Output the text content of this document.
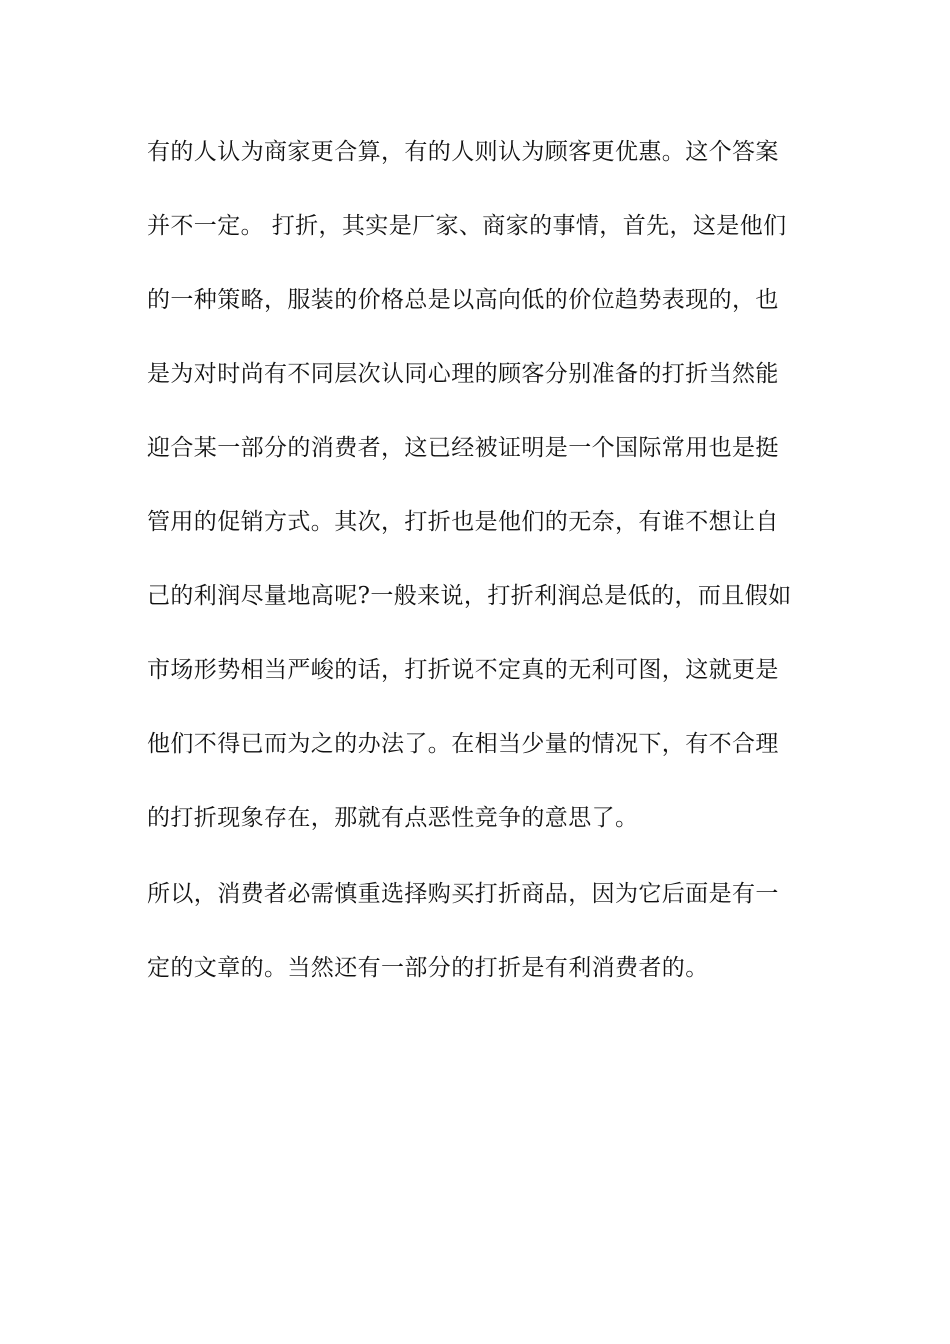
有的人认为商家更合算，有的人则认为顾客更优惠。这个答案
并不一定。 打折，其实是厂家、商家的事情，首先，这是他们
的一种策略，服装的价格总是以高向低的价位趋势表现的，也
是为对时尚有不同层次认同心理的顾客分别准备的打折当然能
迎合某一部分的消费者，这已经被证明是一个国际常用也是挺
管用的促销方式。其次，打折也是他们的无奈，有谁不想让自
己的利润尽量地高呢?一般来说，打折利润总是低的，而且假如
市场形势相当严峻的话，打折说不定真的无利可图，这就更是
他们不得已而为之的办法了。在相当少量的情况下，有不合理
的打折现象存在，那就有点恶性竞争的意思了。
所以，消费者必需慎重选择购买打折商品，因为它后面是有一
定的文章的。当然还有一部分的打折是有利消费者的。
